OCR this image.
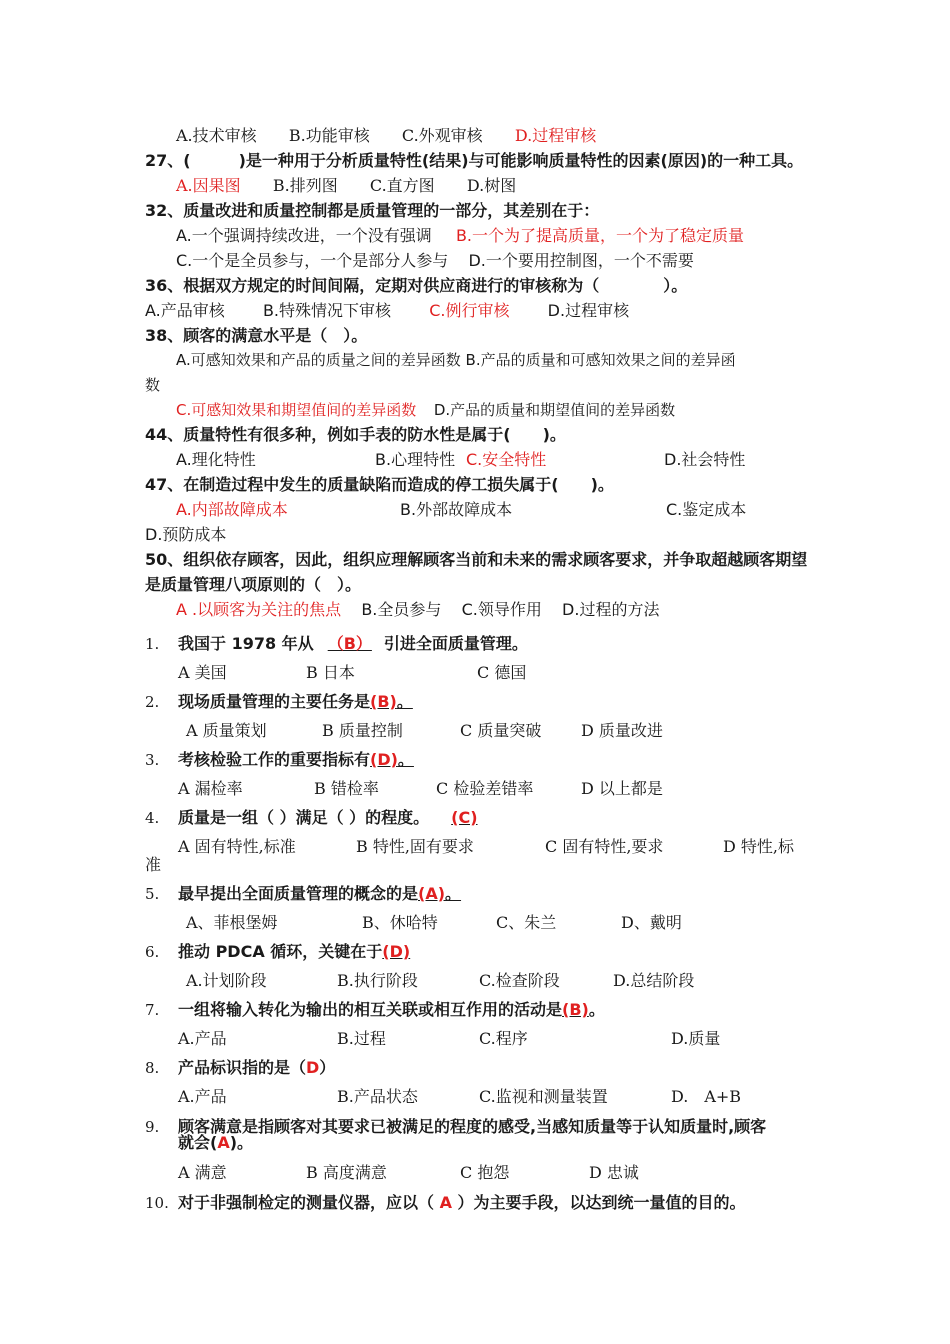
A.技术审核 B.功能审核 C.外观审核 D.过程审核
27、(　　　)是一种用于分析质量特性(结果)与可能影响质量特性的因素(原因)的一种工具。
A.因果图 B.排列图 C.直方图 D.树图
32、质量改进和质量控制都是质量管理的一部分，其差别在于：
A.一个强调持续改进，一个没有强调 B.一个为了提高质量，一个为了稳定质量
C.一个是全员参与，一个是部分人参与 D.一个要用控制图，一个不需要
36、根据双方规定的时间间隔，定期对供应商进行的审核称为（　　　　）。
A.产品审核 B.特殊情况下审核 C.例行审核 D.过程审核
38、顾客的满意水平是（　）。
A.可感知效果和产品的质量之间的差异函数 B.产品的质量和可感知效果之间的差异函
数
C.可感知效果和期望值间的差异函数 D.产品的质量和期望值间的差异函数
44、质量特性有很多种，例如手表的防水性是属于(　　)。
A.理化特性	B.心理特性 C.安全特性	D.社会特性
47、在制造过程中发生的质量缺陷而造成的停工损失属于(　　)。
A.内部故障成本	B.外部故障成本	C.鉴定成本
D.预防成本
50、组织依存顾客，因此，组织应理解顾客当前和未来的需求顾客要求，并争取超越顾客期望
是质量管理八项原则的（　）。
A .以顾客为关注的焦点 B.全员参与 C.领导作用 D.过程的方法
1. 我国于 1978 年从 （B） 引进全面质量管理。
A 美国	B 日本	C 德国
2. 现场质量管理的主要任务是(B)。
A 质量策划	B 质量控制	C 质量突破 D 质量改进
3. 考核检验工作的重要指标有(D)。
A 漏检率	B 错检率	C 检验差错率	D 以上都是
4. 质量是一组（ ）满足（ ）的程度。 (C)
A 固有特性,标准	B 特性,固有要求	C 固有特性,要求	D 特性,标
准
5. 最早提出全面质量管理的概念的是(A)。
A、菲根堡姆	B、休哈特	C、朱兰	D、戴明
6. 推动 PDCA 循环，关键在于(D)
A.计划阶段	B.执行阶段	C.检查阶段	D.总结阶段
7. 一组将输入转化为输出的相互关联或相互作用的活动是(B)。
A.产品	B.过程	C.程序	D.质量
8. 产品标识指的是（D）
A.产品	B.产品状态	C.监视和测量装置	D.　A+B
9. 顾客满意是指顾客对其要求已被满足的程度的感受,当感知质量等于认知质量时,顾客
就会(A)。
A 满意	B 高度满意	C 抱怨	D 忠诚
10. 对于非强制检定的测量仪器，应以（ A ）为主要手段，以达到统一量值的目的。
